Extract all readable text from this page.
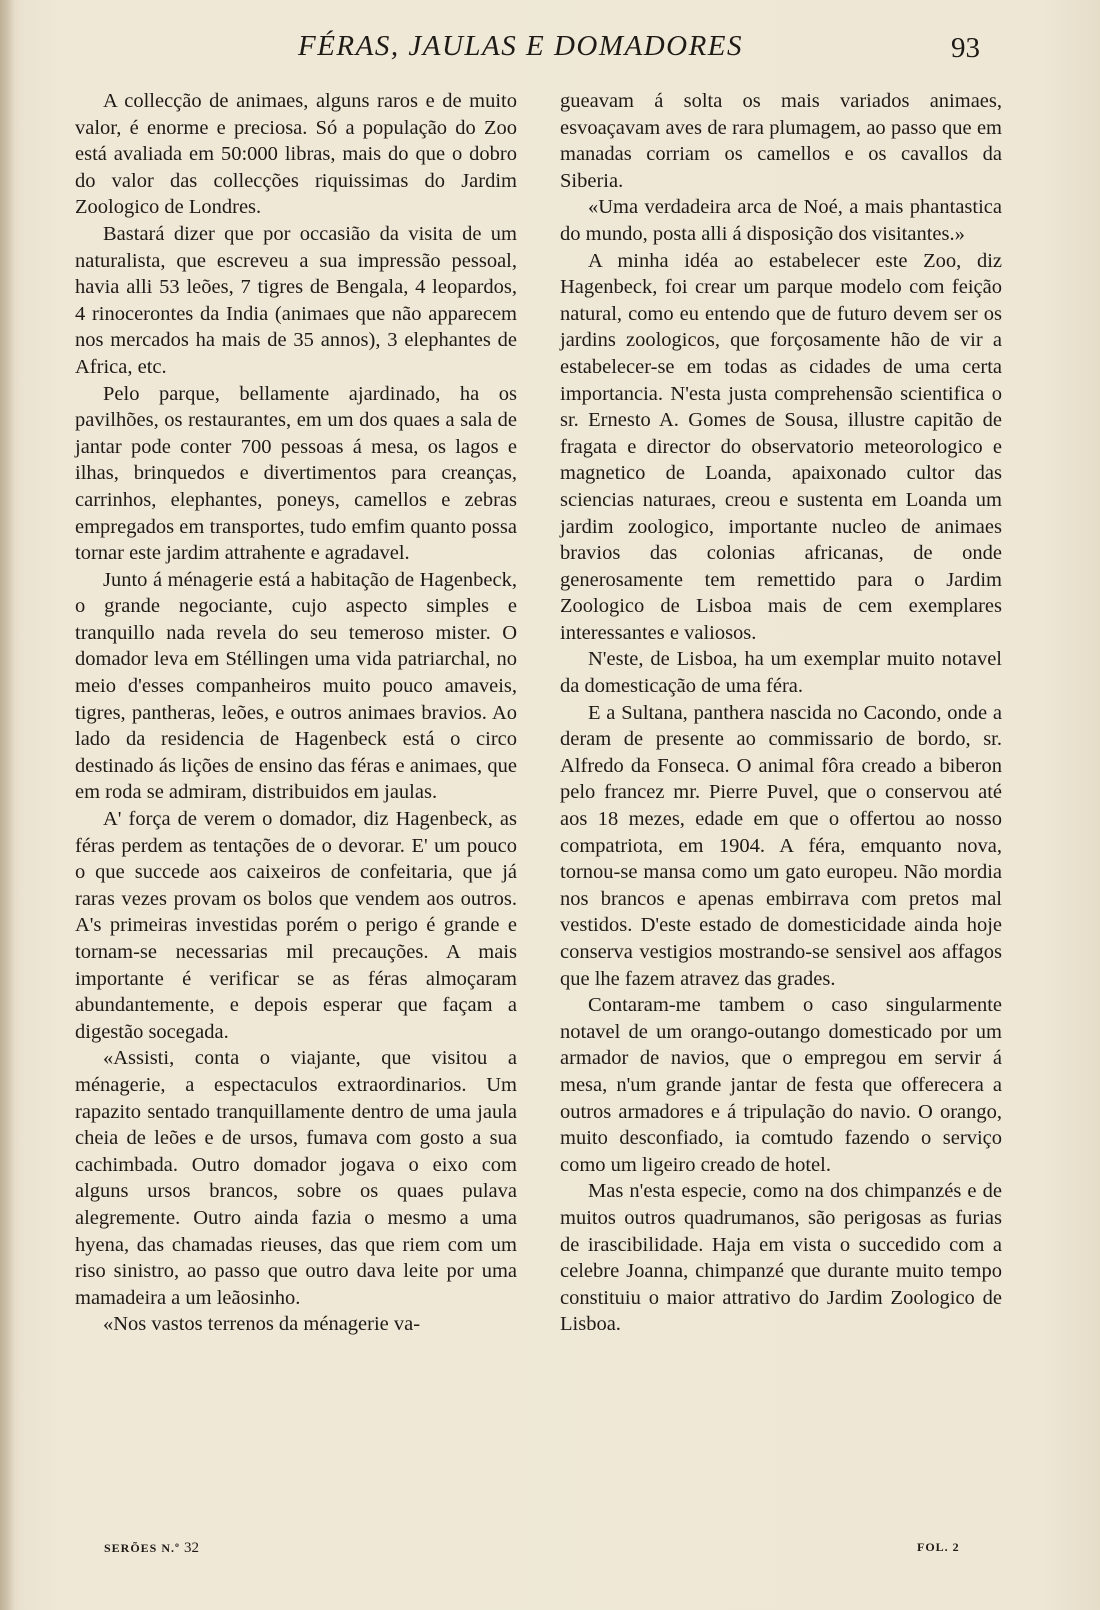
FÉRAS, JAULAS E DOMADORES	93

A collecção de animaes, alguns raros e de muito valor, é enorme e preciosa. Só a população do Zoo está avaliada em 50:000 libras, mais do que o dobro do valor das collecções riquissimas do Jardim Zoologico de Londres.

Bastará dizer que por occasião da visita de um naturalista, que escreveu a sua impressão pessoal, havia alli 53 leões, 7 tigres de Bengala, 4 leopardos, 4 rinocerontes da India (animaes que não apparecem nos mercados ha mais de 35 annos), 3 elephantes de Africa, etc.

Pelo parque, bellamente ajardinado, ha os pavilhões, os restaurantes, em um dos quaes a sala de jantar pode conter 700 pessoas á mesa, os lagos e ilhas, brinquedos e divertimentos para creanças, carrinhos, elephantes, poneys, camellos e zebras empregados em transportes, tudo emfim quanto possa tornar este jardim attrahente e agradavel.

Junto á ménagerie está a habitação de Hagenbeck, o grande negociante, cujo aspecto simples e tranquillo nada revela do seu temeroso mister. O domador leva em Stéllingen uma vida patriarchal, no meio d'esses companheiros muito pouco amaveis, tigres, pantheras, leões, e outros animaes bravios. Ao lado da residencia de Hagenbeck está o circo destinado ás lições de ensino das féras e animaes, que em roda se admiram, distribuidos em jaulas.

A' força de verem o domador, diz Hagenbeck, as féras perdem as tentações de o devorar. E' um pouco o que succede aos caixeiros de confeitaria, que já raras vezes provam os bolos que vendem aos outros. A's primeiras investidas porém o perigo é grande e tornam-se necessarias mil precauções. A mais importante é verificar se as féras almoçaram abundantemente, e depois esperar que façam a digestão socegada.

«Assisti, conta o viajante, que visitou a ménagerie, a espectaculos extraordinarios. Um rapazito sentado tranquillamente dentro de uma jaula cheia de leões e de ursos, fumava com gosto a sua cachimbada. Outro domador jogava o eixo com alguns ursos brancos, sobre os quaes pulava alegremente. Outro ainda fazia o mesmo a uma hyena, das chamadas rieuses, das que riem com um riso sinistro, ao passo que outro dava leite por uma mamadeira a um leãosinho.

«Nos vastos terrenos da ménagerie va-

gueavam á solta os mais variados animaes, esvoaçavam aves de rara plumagem, ao passo que em manadas corriam os camellos e os cavallos da Siberia.

«Uma verdadeira arca de Noé, a mais phantastica do mundo, posta alli á disposição dos visitantes.»

A minha idéa ao estabelecer este Zoo, diz Hagenbeck, foi crear um parque modelo com feição natural, como eu entendo que de futuro devem ser os jardins zoologicos, que forçosamente hão de vir a estabelecer-se em todas as cidades de uma certa importancia. N'esta justa comprehensão scientifica o sr. Ernesto A. Gomes de Sousa, illustre capitão de fragata e director do observatorio meteorologico e magnetico de Loanda, apaixonado cultor das sciencias naturaes, creou e sustenta em Loanda um jardim zoologico, importante nucleo de animaes bravios das colonias africanas, de onde generosamente tem remettido para o Jardim Zoologico de Lisboa mais de cem exemplares interessantes e valiosos.

N'este, de Lisboa, ha um exemplar muito notavel da domesticação de uma féra.

E a Sultana, panthera nascida no Cacondo, onde a deram de presente ao commissario de bordo, sr. Alfredo da Fonseca. O animal fôra creado a biberon pelo francez mr. Pierre Puvel, que o conservou até aos 18 mezes, edade em que o offertou ao nosso compatriota, em 1904. A féra, emquanto nova, tornou-se mansa como um gato europeu. Não mordia nos brancos e apenas embirrava com pretos mal vestidos. D'este estado de domesticidade ainda hoje conserva vestigios mostrando-se sensivel aos affagos que lhe fazem atravez das grades.

Contaram-me tambem o caso singularmente notavel de um orango-outango domesticado por um armador de navios, que o empregou em servir á mesa, n'um grande jantar de festa que offerecera a outros armadores e á tripulação do navio. O orango, muito desconfiado, ia comtudo fazendo o serviço como um ligeiro creado de hotel.

Mas n'esta especie, como na dos chimpanzés e de muitos outros quadrumanos, são perigosas as furias de irascibilidade. Haja em vista o succedido com a celebre Joanna, chimpanzé que durante muito tempo constituiu o maior attrativo do Jardim Zoologico de Lisboa.

SERÕES N.º 32	FOL. 2
